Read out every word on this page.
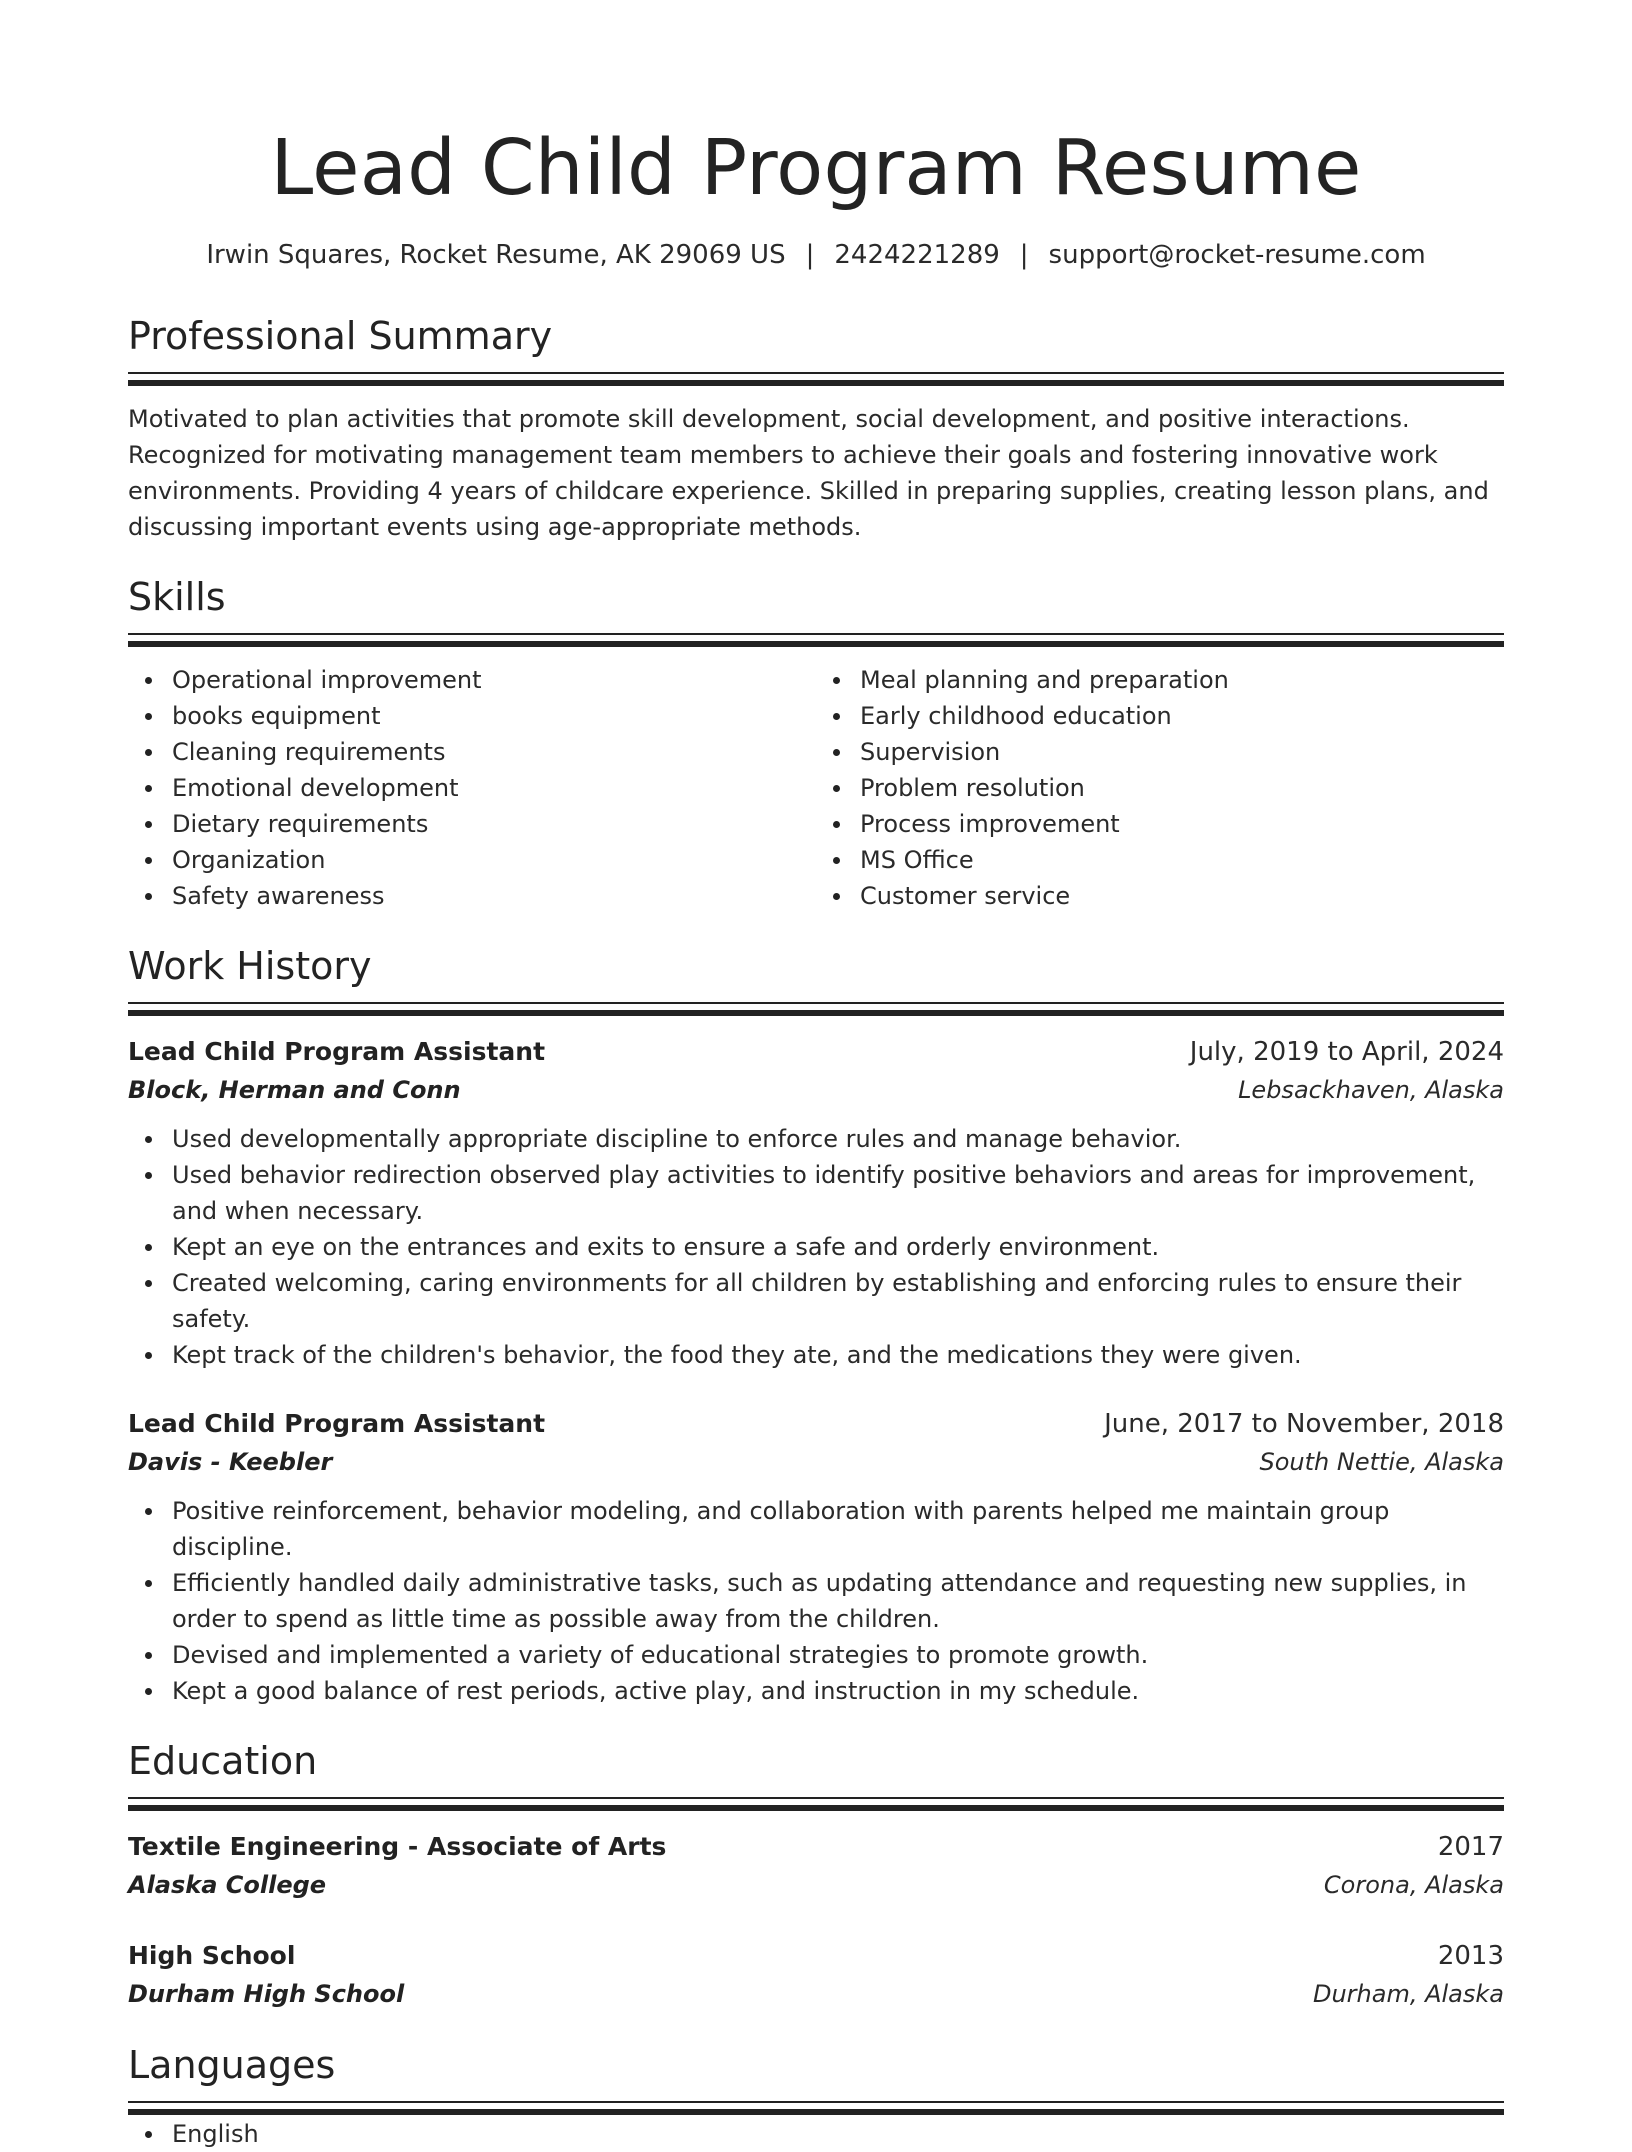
Lead Child Program Resume
Irwin Squares, Rocket Resume, AK 29069 US | 2424221289 | support@rocket-resume.com
Professional Summary

Motivated to plan activities that promote skill development, social development, and positive interactions. Recognized for motivating management team members to achieve their goals and fostering innovative work environments. Providing 4 years of childcare experience. Skilled in preparing supplies, creating lesson plans, and discussing important events using age-appropriate methods.

Skills
Operational improvement
books equipment
Cleaning requirements
Emotional development
Dietary requirements
Organization
Safety awareness
Meal planning and preparation
Early childhood education
Supervision
Problem resolution
Process improvement
MS Office
Customer service
Work History
Lead Child Program Assistant	July, 2019 to April, 2024
Block, Herman and Conn	Lebsackhaven, Alaska
Used developmentally appropriate discipline to enforce rules and manage behavior.
Used behavior redirection observed play activities to identify positive behaviors and areas for improvement, and when necessary.
Kept an eye on the entrances and exits to ensure a safe and orderly environment.
Created welcoming, caring environments for all children by establishing and enforcing rules to ensure their safety.
Kept track of the children's behavior, the food they ate, and the medications they were given.
Lead Child Program Assistant	June, 2017 to November, 2018
Davis - Keebler	South Nettie, Alaska
Positive reinforcement, behavior modeling, and collaboration with parents helped me maintain group discipline.
Efficiently handled daily administrative tasks, such as updating attendance and requesting new supplies, in order to spend as little time as possible away from the children.
Devised and implemented a variety of educational strategies to promote growth.
Kept a good balance of rest periods, active play, and instruction in my schedule.
Education
Textile Engineering - Associate of Arts	2017
Alaska College	Corona, Alaska
High School	2013
Durham High School	Durham, Alaska
Languages
English
